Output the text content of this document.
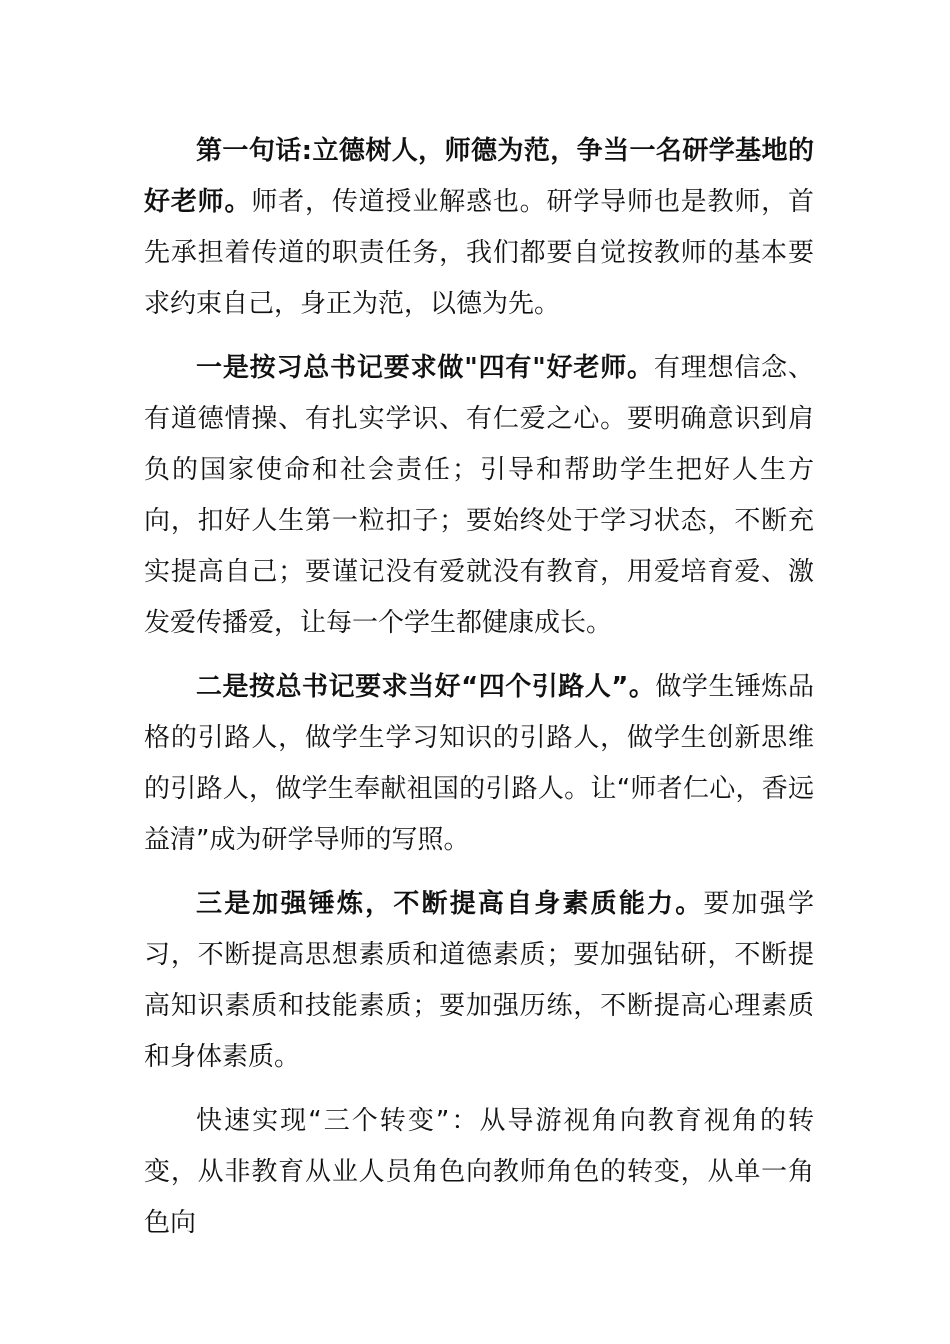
第一句话:立德树人，师德为范，争当一名研学基地的好老师。师者，传道授业解惑也。研学导师也是教师，首先承担着传道的职责任务，我们都要自觉按教师的基本要求约束自己，身正为范，以德为先。

一是按习总书记要求做"四有"好老师。有理想信念、有道德情操、有扎实学识、有仁爱之心。要明确意识到肩负的国家使命和社会责任；引导和帮助学生把好人生方向，扣好人生第一粒扣子；要始终处于学习状态，不断充实提高自己；要谨记没有爱就没有教育，用爱培育爱、激发爱传播爱，让每一个学生都健康成长。

二是按总书记要求当好“四个引路人”。做学生锤炼品格的引路人，做学生学习知识的引路人，做学生创新思维的引路人，做学生奉献祖国的引路人。让“师者仁心，香远益清”成为研学导师的写照。

三是加强锤炼，不断提高自身素质能力。要加强学习，不断提高思想素质和道德素质；要加强钻研，不断提高知识素质和技能素质；要加强历练，不断提高心理素质和身体素质。

快速实现“三个转变”：从导游视角向教育视角的转变，从非教育从业人员角色向教师角色的转变，从单一角色向
